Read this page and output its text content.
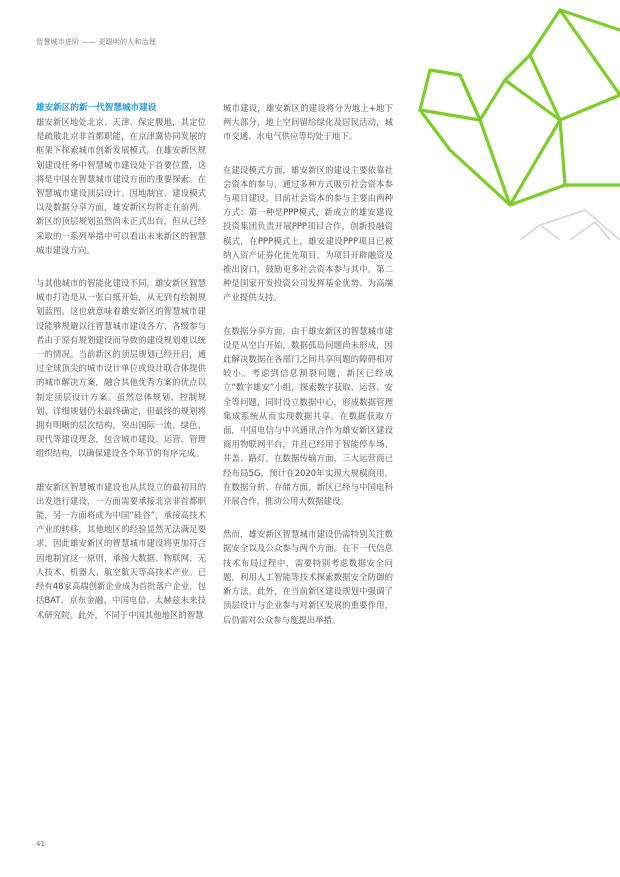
智慧城市进阶 —— 更聪明的人和治理

雄安新区的新一代智慧城市建设

雄安新区地处北京、天津、保定腹地，其定位是疏散北京非首都职能，在京津冀协同发展的框架下探索城市创新发展模式。在雄安新区规划建设任务中智慧城市建设处于首要位置，这将是中国在智慧城市建设方面的重要探索。在智慧城市建设顶层设计、因地制宜、建设模式以及数据分享方面，雄安新区均将走在前列。新区的顶层规划虽然尚未正式出台，但从已经采取的一系列举措中可以看出未来新区的智慧城市建设方向。

与其他城市的智能化建设不同，雄安新区智慧城市打造是从一张白纸开始，从无到有绘制规划蓝图。这也就意味着雄安新区的智慧城市建设能够规避以往智慧城市建设各方、各级参与者由于原有规划建设而导致的建设规划难以统一的情况。当前新区的顶层规划已经开启，通过全球顶尖的城市设计单位或设计联合体提供的城市解决方案，融合其他优秀方案的优点以制定顶层设计方案。虽然总体规划、控制规划、详细规划仍未最终确定，但最终的规划将拥有明晰的层次结构，突出国际一流、绿色、现代等建设理念，包含城市建设、运营、管理组织结构，以确保建设各个环节的有序完成。

雄安新区智慧城市建设也从其设立的最初目的出发进行建设，一方面需要承接北京非首都职能，另一方面将成为中国“硅谷”，承接高技术产业的转移，其他地区的经验显然无法满足要求，因此雄安新区的智慧城市建设将更加符合因地制宜这一原则，承接大数据、物联网、无人技术、机器人、航空航天等高技术产业。已经有48家高端创新企业成为首批落户企业，包括BAT、京东金融、中国电信、太赫兹未来技术研究院。此外，不同于中国其他地区的智慧

城市建设，雄安新区的建设将分为地上+地下两大部分，地上空间留给绿化及居民活动，城市交通、水电气供应等均处于地下。

在建设模式方面，雄安新区的建设主要依靠社会资本的参与，通过多种方式吸引社会资本参与项目建设。目前社会资本的参与主要由两种方式：第一种是PPP模式，新成立的雄安建设投资集团负责开展PPP项目合作，创新投融资模式，在PPP模式上，雄安建设PPP项目已被纳入资产证券化优先项目，为项目开辟融资及推出窗口，鼓励更多社会资本参与其中。第二种是国家开发投资公司发挥基金优势、为高端产业提供支持。

在数据分享方面，由于雄安新区的智慧城市建设是从空白开始，数据孤岛问题尚未形成，因此解决数据在各部门之间共享问题的障碍相对较小。考虑到信息割裂问题，新区已经成立“数字雄安”小组，探索数字获取、运营、安全等问题，同时设立数据中心，形成数据管理集成系统从而实现数据共享。在数据获取方面，中国电信与中兴通讯合作为雄安新区建设商用物联网平台，并且已经用于智能停车场、井盖、路灯，在数据传输方面，三大运营商已经布局5G，预计在2020年实现大规模商用。在数据分析、存储方面，新区已经与中国电科开展合作，推动公用大数据建设。

然而，雄安新区智慧城市建设仍需特别关注数据安全以及公众参与两个方面。在下一代信息技术布局过程中，需要特别考虑数据安全问题，利用人工智能等技术探索数据安全防御的新方法。此外，在当前新区建设规划中强调了顶层设计与企业参与对新区发展的重要作用，后仍需对公众参与度提出举措。

41
